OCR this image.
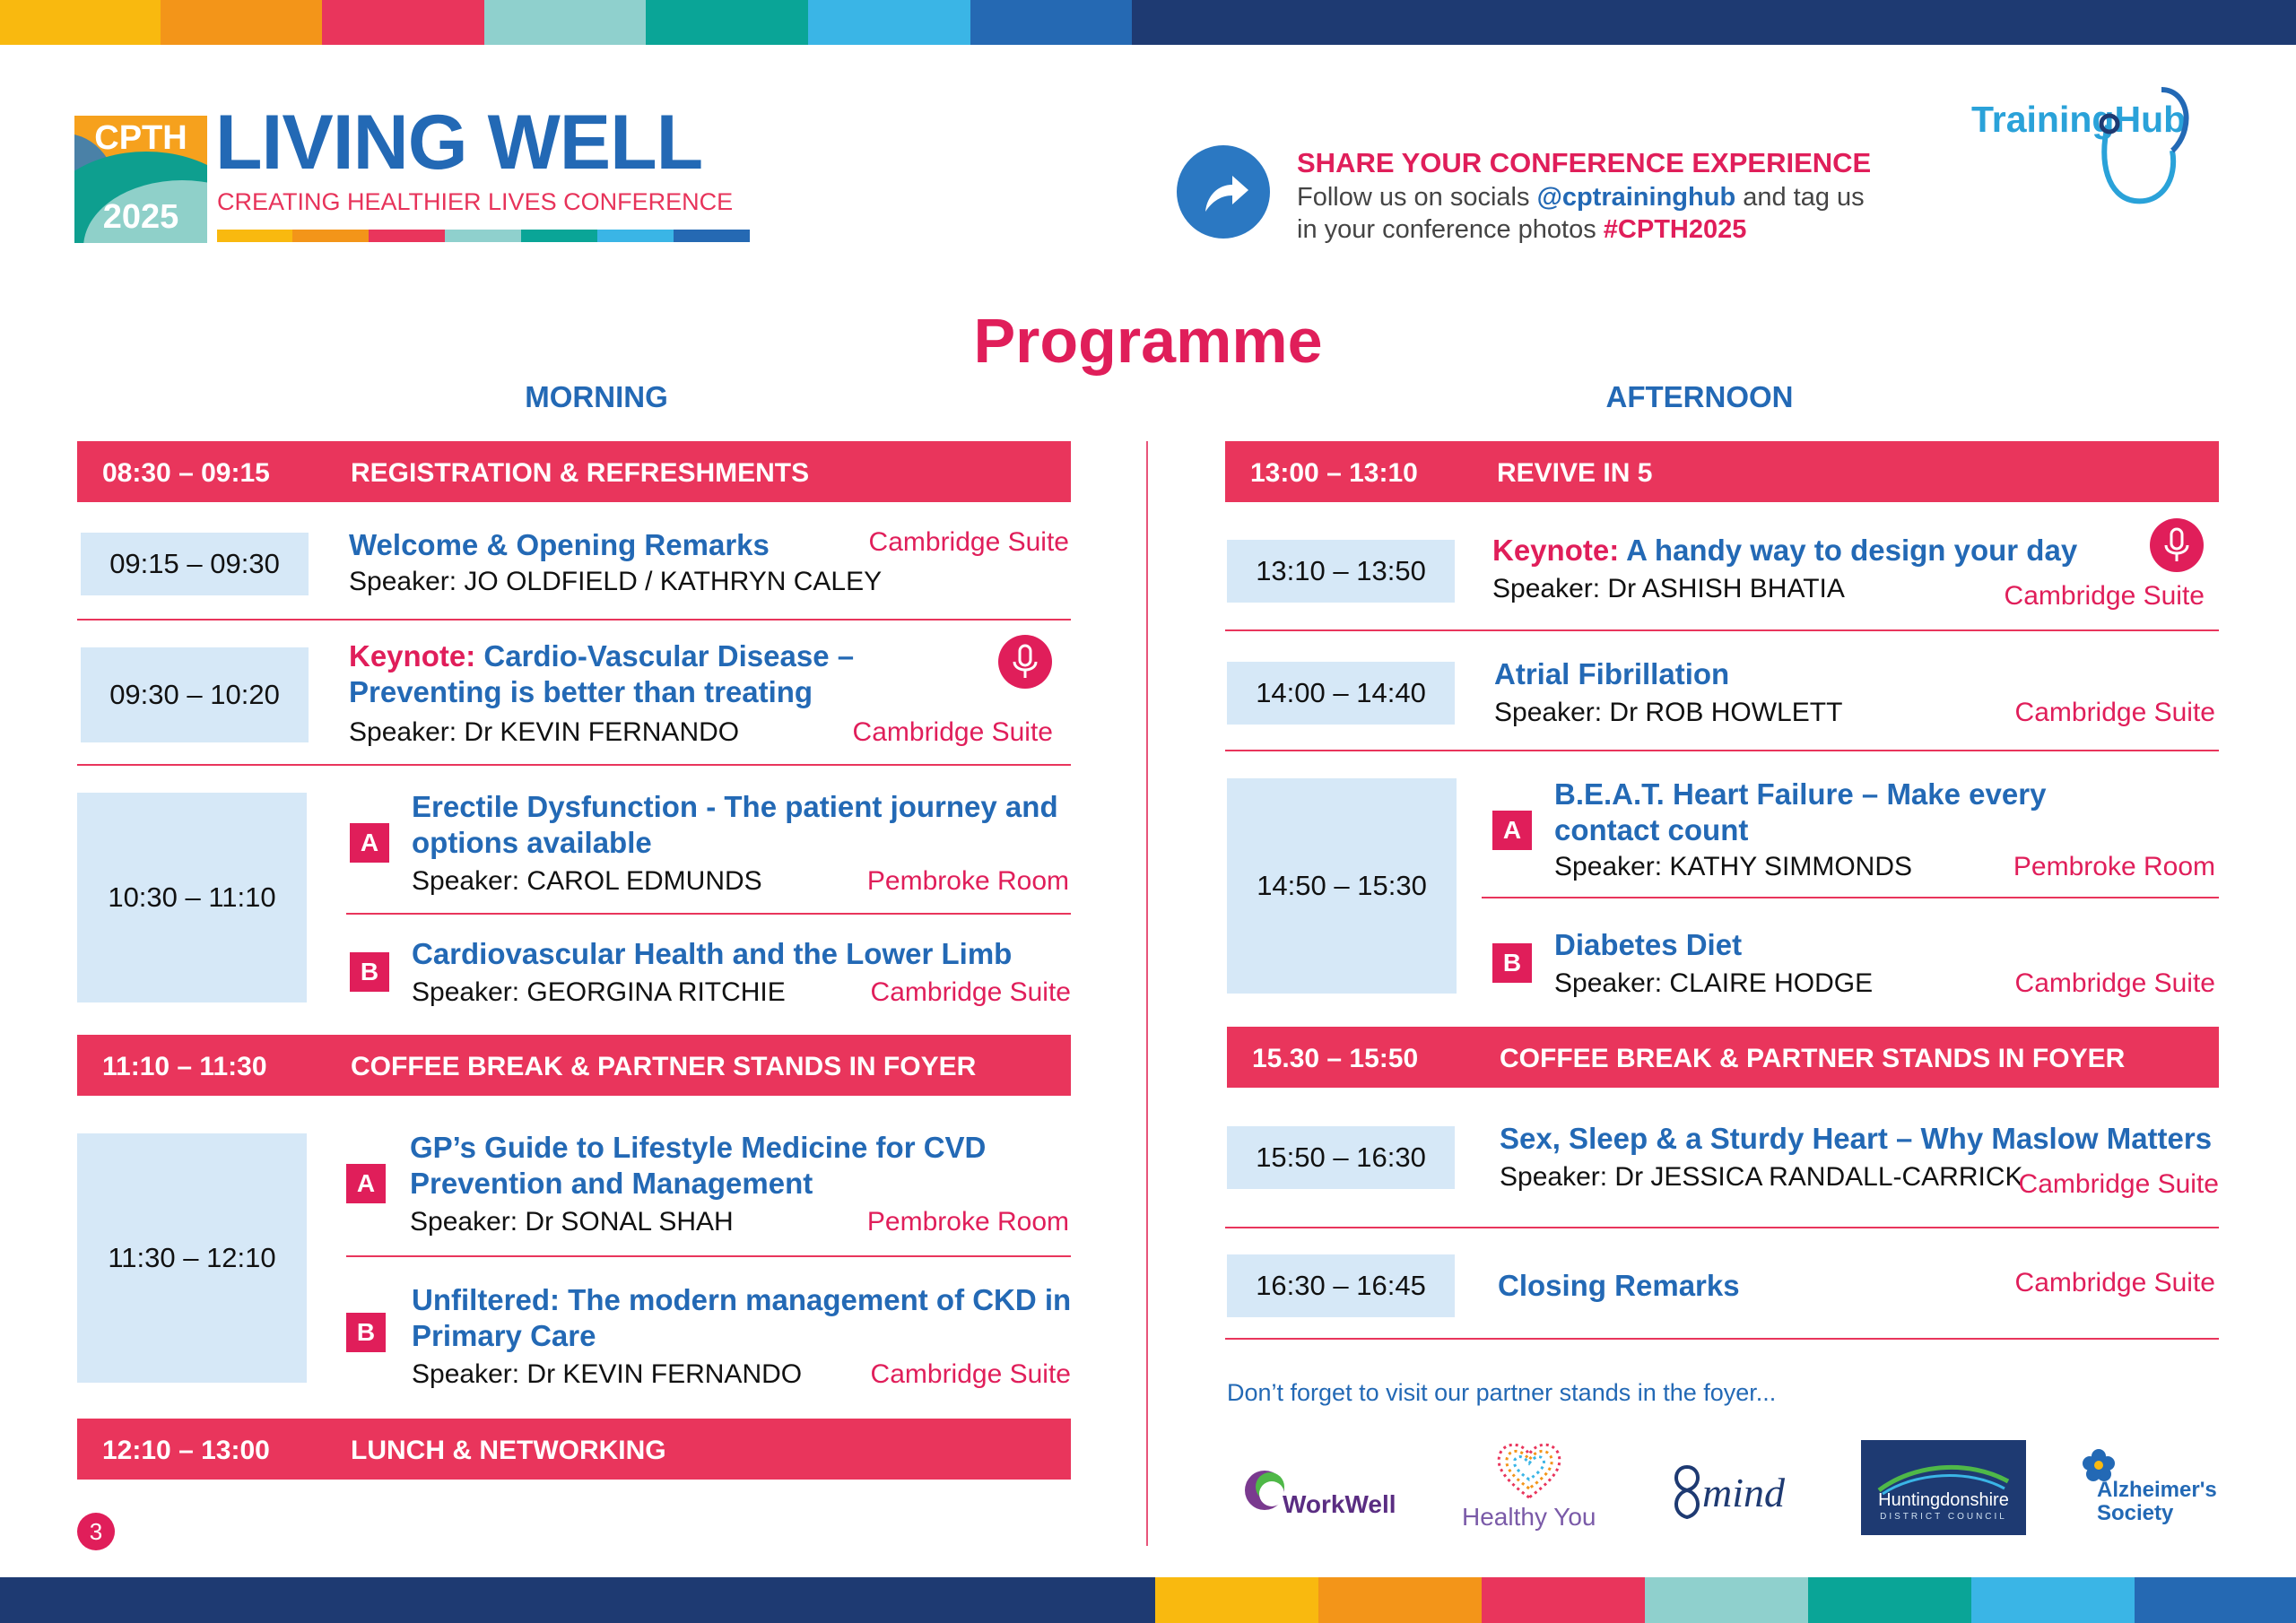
CPTH
2025
LIVING WELL
CREATING HEALTHIER LIVES CONFERENCE
SHARE YOUR CONFERENCE EXPERIENCE
Follow us on socials @cptraininghub and tag us
in your conference photos #CPTH2025
TrainingHub
Programme
MORNING	AFTERNOON
08:30 – 09:15	REGISTRATION & REFRESHMENTS
09:15 – 09:30
Welcome & Opening Remarks	Cambridge Suite
Speaker: JO OLDFIELD / KATHRYN CALEY
09:30 – 10:20
Keynote: Cardio-Vascular Disease –
Preventing is better than treating
Speaker: Dr KEVIN FERNANDO	Cambridge Suite
10:30 – 11:10
A
Erectile Dysfunction - The patient journey and
options available
Speaker: CAROL EDMUNDS	Pembroke Room
B
Cardiovascular Health and the Lower Limb
Speaker: GEORGINA RITCHIE	Cambridge Suite
11:10 – 11:30	COFFEE BREAK & PARTNER STANDS IN FOYER
11:30 – 12:10
A
GP’s Guide to Lifestyle Medicine for CVD
Prevention and Management
Speaker: Dr SONAL SHAH	Pembroke Room
B
Unfiltered: The modern management of CKD in
Primary Care
Speaker: Dr KEVIN FERNANDO	Cambridge Suite
12:10 – 13:00	LUNCH & NETWORKING
3
13:00 – 13:10	REVIVE IN 5
13:10 – 13:50
Keynote: A handy way to design your day
Speaker: Dr ASHISH BHATIA	Cambridge Suite
14:00 – 14:40
Atrial Fibrillation
Speaker: Dr ROB HOWLETT	Cambridge Suite
14:50 – 15:30
A
B.E.A.T. Heart Failure – Make every
contact count
Speaker: KATHY SIMMONDS	Pembroke Room
B
Diabetes Diet
Speaker: CLAIRE HODGE	Cambridge Suite
15.30 – 15:50	COFFEE BREAK & PARTNER STANDS IN FOYER
15:50 – 16:30
Sex, Sleep & a Sturdy Heart – Why Maslow Matters
Speaker: Dr JESSICA RANDALL-CARRICK
Cambridge Suite
16:30 – 16:45	Closing Remarks	Cambridge Suite
Don’t forget to visit our partner stands in the foyer...
WorkWell	Healthy You
mind	Huntingdonshire
DISTRICT COUNCIL
Alzheimer's
Society
